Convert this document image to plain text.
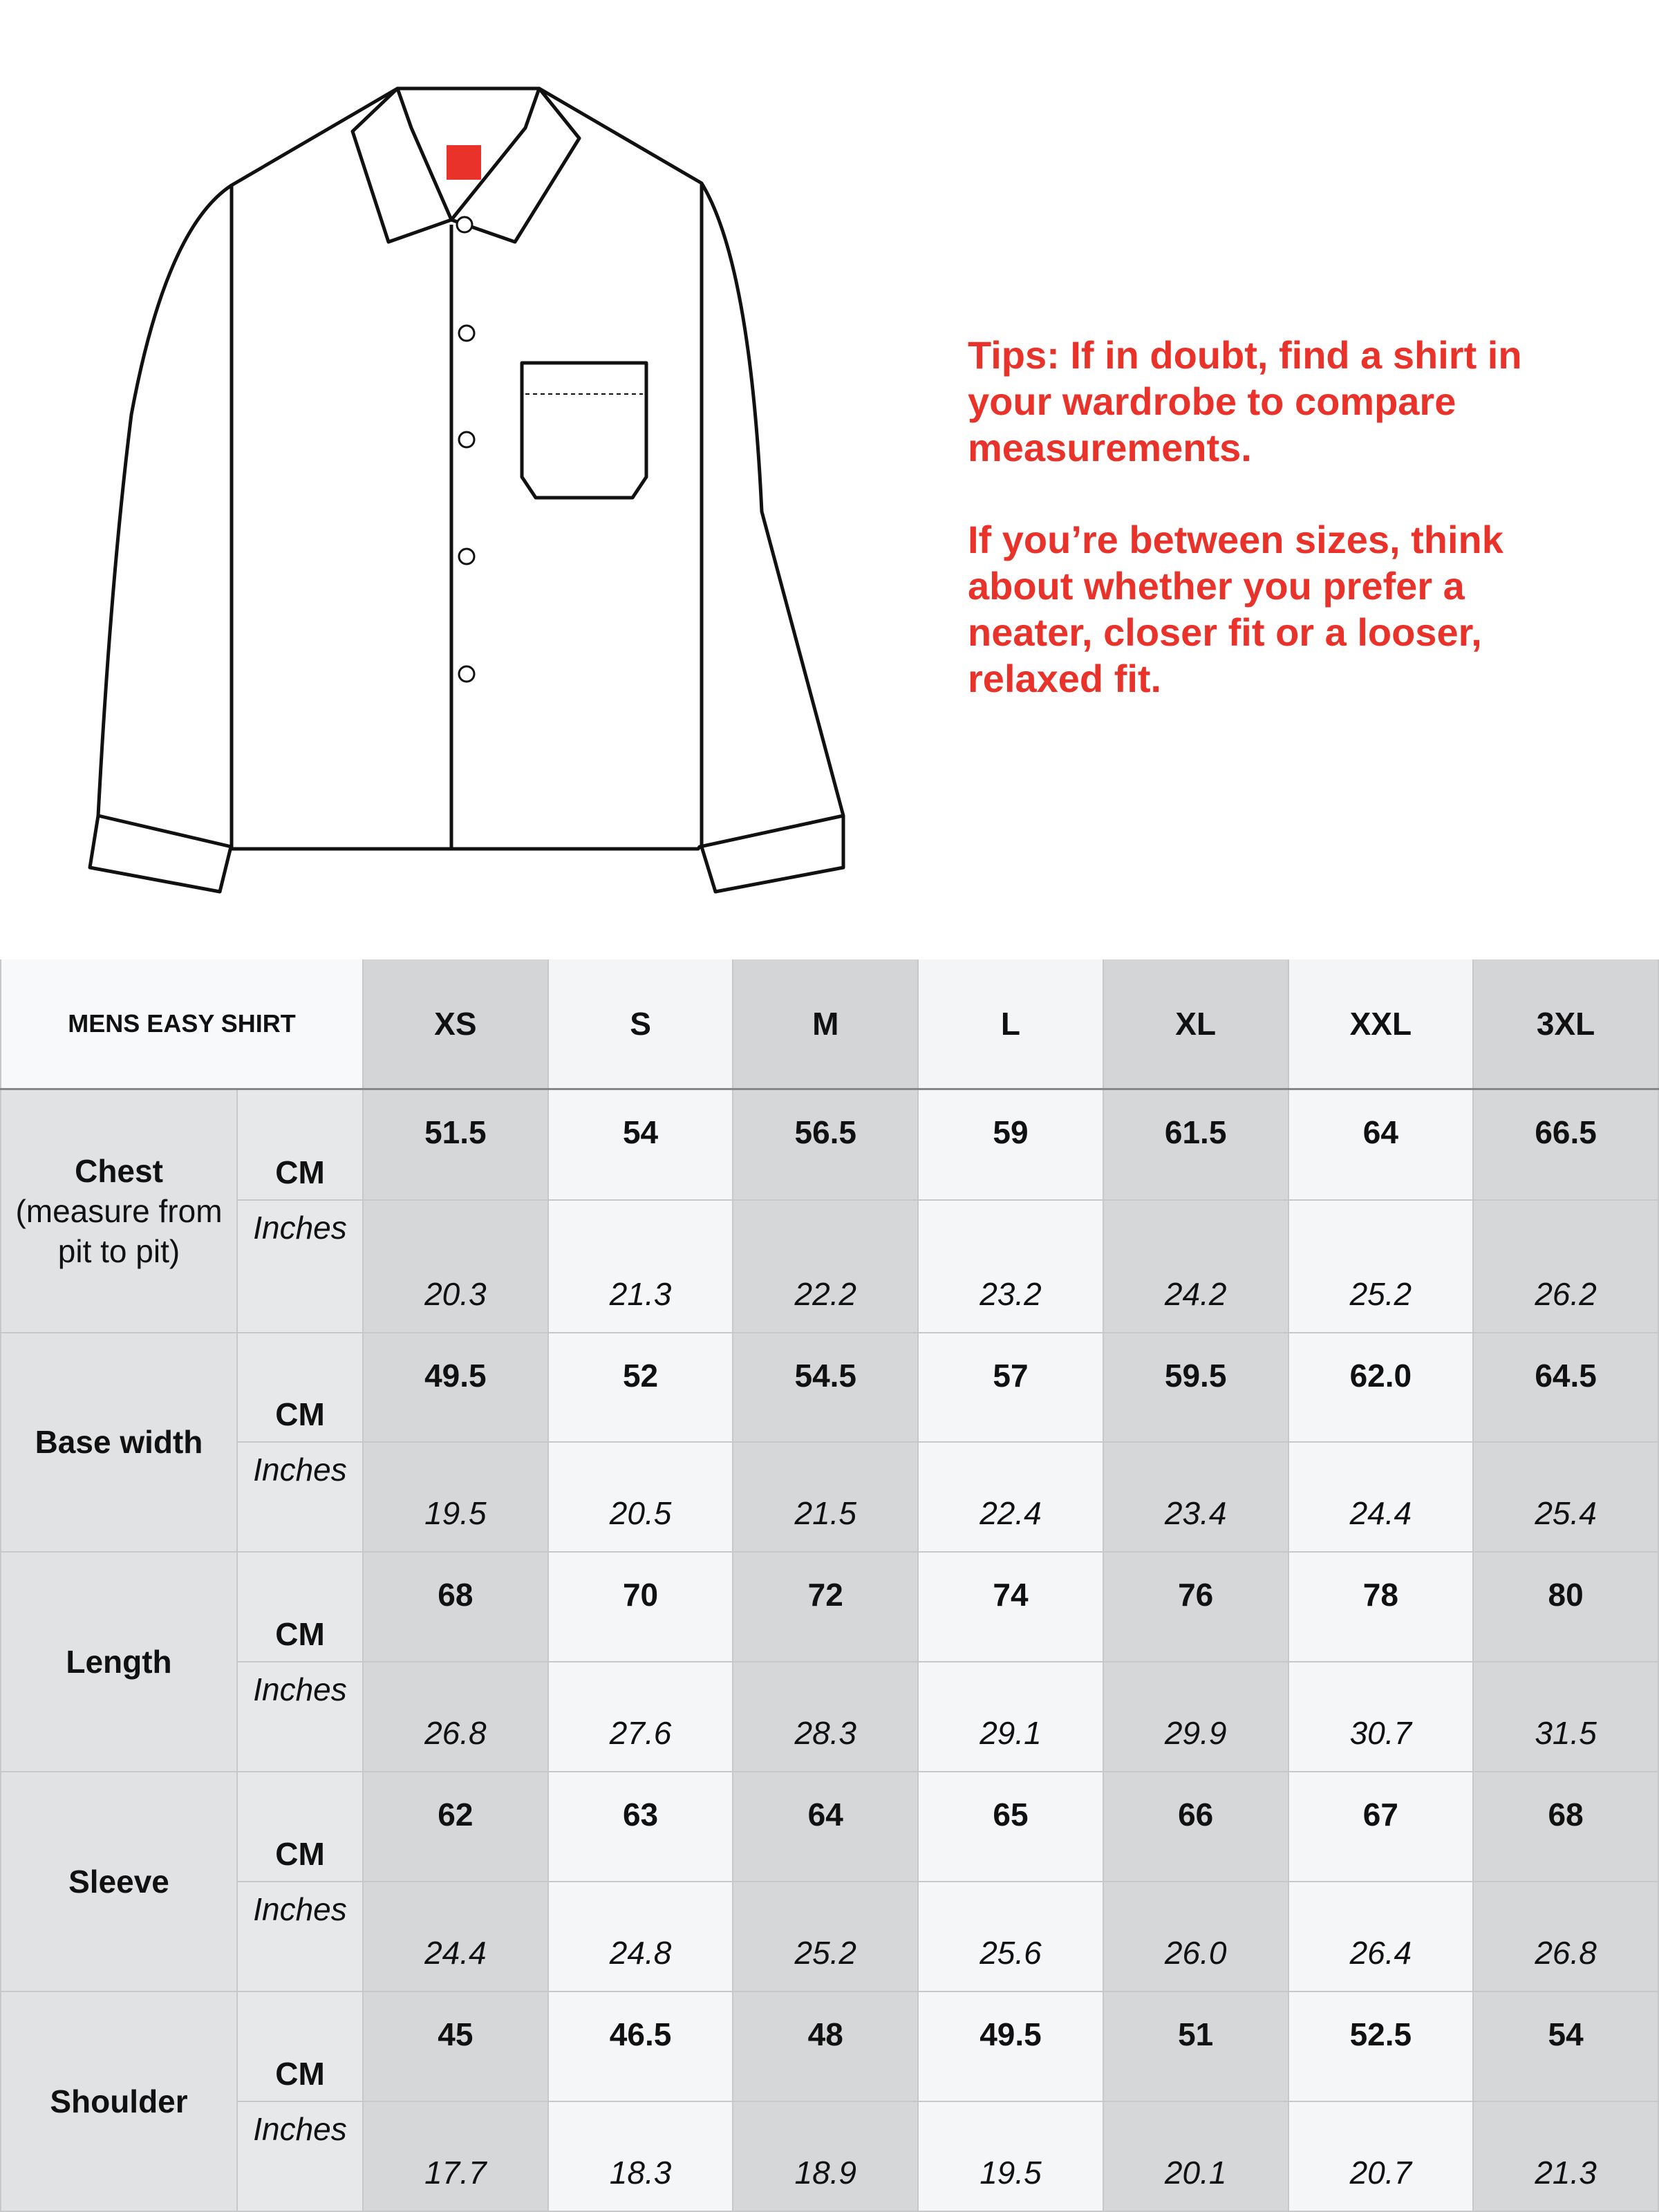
Tips: If in doubt, find a shirt in your wardrobe to compare measurements.

If you’re between sizes, think about whether you prefer a neater, closer fit or a looser, relaxed fit.

MENS EASY SHIRT		XS	S	M	L	XL	XXL	3XL

Chest
(measure from pit to pit)	CM	51.5	54	56.5	59	61.5	64	66.5
	Inches	20.3	21.3	22.2	23.2	24.2	25.2	26.2

Base width	CM	49.5	52	54.5	57	59.5	62.0	64.5
	Inches	19.5	20.5	21.5	22.4	23.4	24.4	25.4

Length	CM	68	70	72	74	76	78	80
	Inches	26.8	27.6	28.3	29.1	29.9	30.7	31.5

Sleeve	CM	62	63	64	65	66	67	68
	Inches	24.4	24.8	25.2	25.6	26.0	26.4	26.8

Shoulder	CM	45	46.5	48	49.5	51	52.5	54
	Inches	17.7	18.3	18.9	19.5	20.1	20.7	21.3
